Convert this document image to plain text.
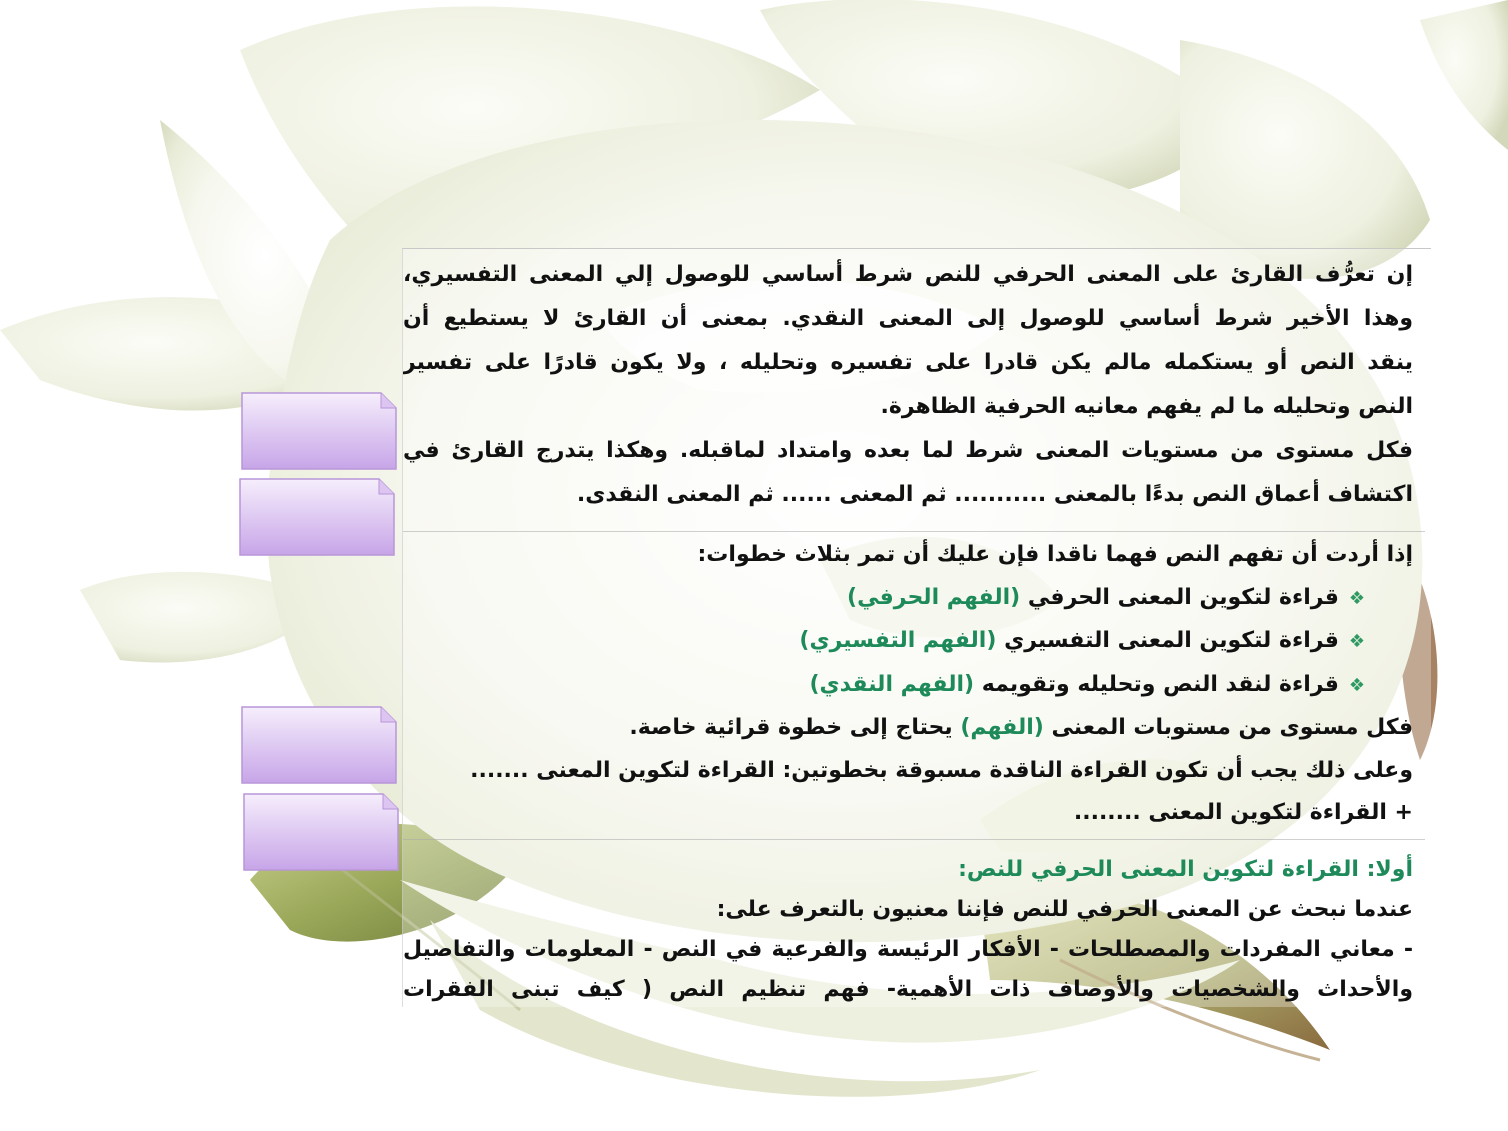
إن تعرُّف القارئ على المعنى الحرفي للنص شرط أساسي للوصول إلي المعنى التفسيري،
وهذا الأخير شرط أساسي للوصول إلى المعنى النقدي. بمعنى أن القارئ لا يستطيع أن
ينقد النص أو يستكمله مالم يكن قادرا على تفسيره وتحليله ، ولا يكون قادرًا على تفسير
النص وتحليله ما لم يفهم معانيه الحرفية الظاهرة.
فكل مستوى من مستويات المعنى شرط لما بعده وامتداد لماقبله. وهكذا يتدرج القارئ في
اكتشاف أعماق النص بدءًا بالمعنى ........... ثم المعنى ...... ثم المعنى النقدى.
إذا أردت أن تفهم النص فهما ناقدا فإن عليك أن تمر بثلاث خطوات:
❖قراءة لتكوين المعنى الحرفي (الفهم الحرفي)
❖قراءة لتكوين المعنى التفسيري (الفهم التفسيري)
❖قراءة لنقد النص وتحليله وتقويمه (الفهم النقدي)
فكل مستوى من مستوبات المعنى (الفهم) يحتاج إلى خطوة قرائية خاصة.
وعلى ذلك يجب أن تكون القراءة الناقدة مسبوقة بخطوتين: القراءة لتكوين المعنى .......
+ القراءة لتكوين المعنى ........
أولا: القراءة لتكوين المعنى الحرفي للنص:
عندما نبحث عن المعنى الحرفي للنص فإننا معنيون بالتعرف على:
- معاني المفردات والمصطلحات - الأفكار الرئيسة والفرعية في النص - المعلومات والتفاصيل
والأحداث والشخصيات والأوصاف ذات الأهمية- فهم تنظيم النص ( كيف تبنى الفقرات
